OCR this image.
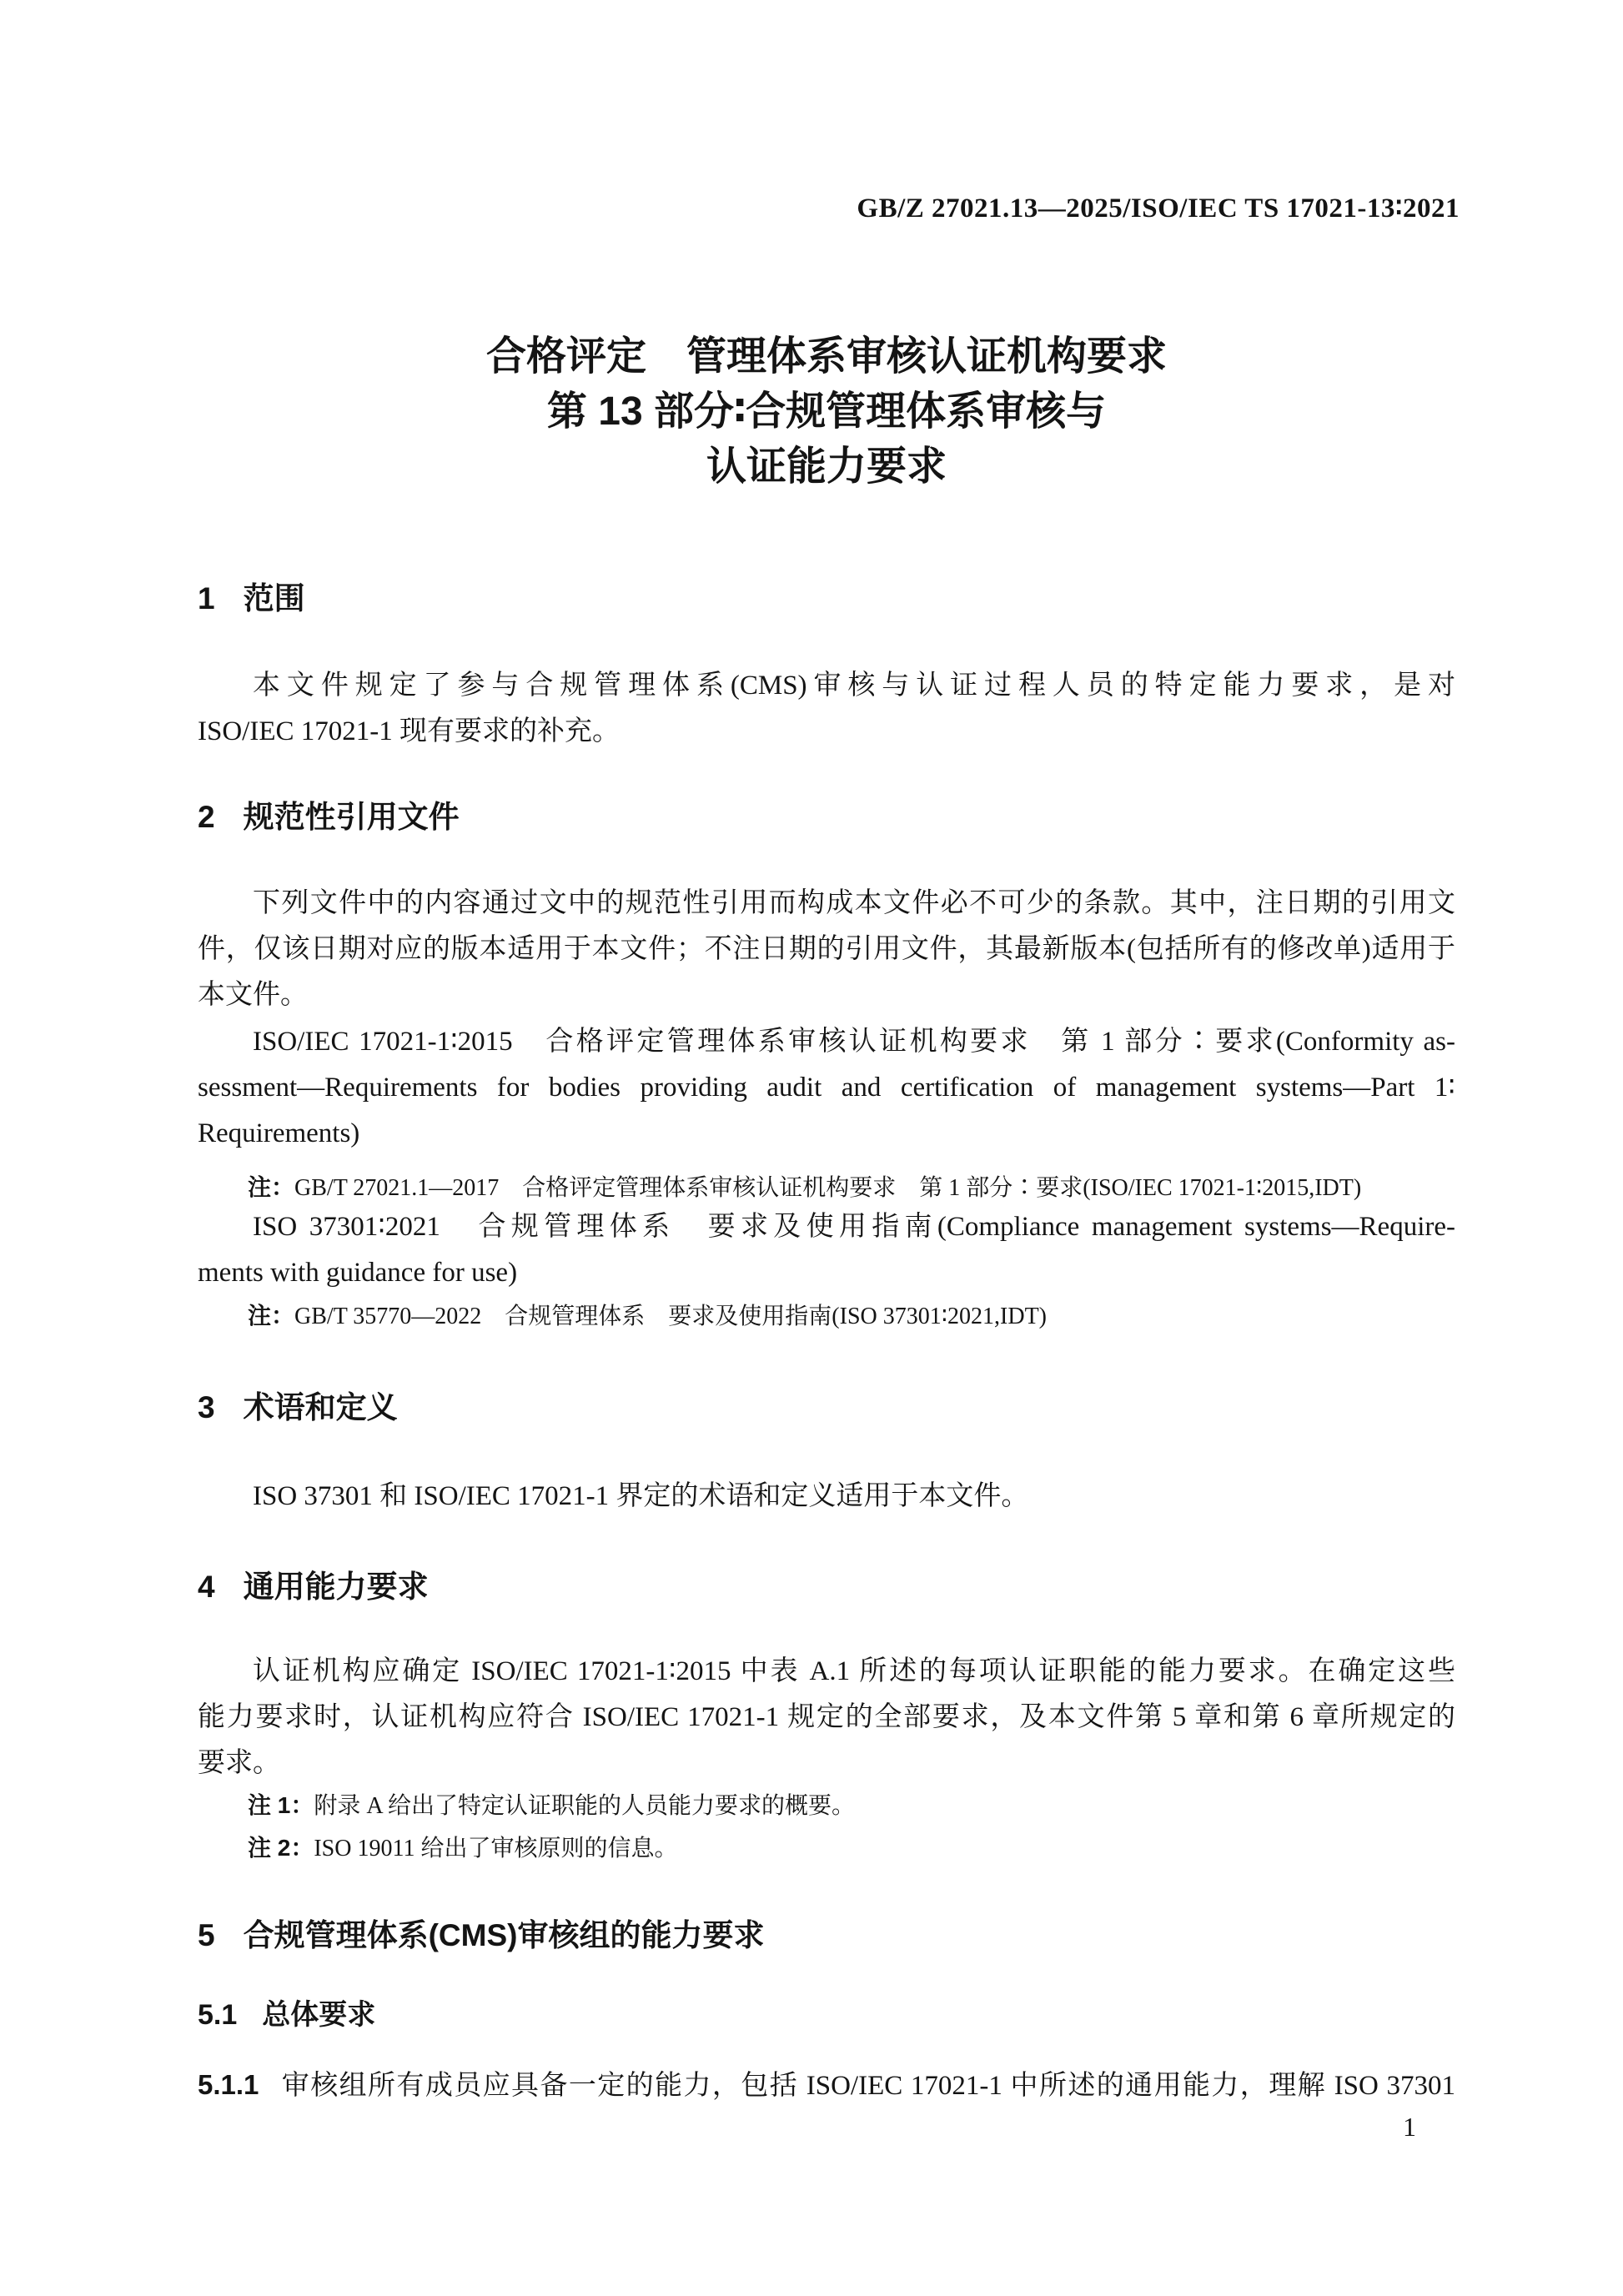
GB/Z 27021.13—2025/ISO/IEC TS 17021-13∶2021
合格评定　管理体系审核认证机构要求
第 13 部分∶合规管理体系审核与
认证能力要求
1 范围
本文件规定了参与合规管理体系(CMS)审核与认证过程人员的特定能力要求，是对
ISO/IEC 17021-1 现有要求的补充。
2 规范性引用文件
下列文件中的内容通过文中的规范性引用而构成本文件必不可少的条款。其中，注日期的引用文
件，仅该日期对应的版本适用于本文件；不注日期的引用文件，其最新版本(包括所有的修改单)适用于
本文件。
ISO/IEC 17021-1∶2015　合格评定管理体系审核认证机构要求　第 1 部分∶要求(Conformity as-
sessment—Requirements for bodies providing audit and certification of management systems—Part 1∶
Requirements)
注：GB/T 27021.1—2017　合格评定管理体系审核认证机构要求　第 1 部分∶要求(ISO/IEC 17021-1∶2015,IDT)
ISO 37301∶2021　合规管理体系　要求及使用指南(Compliance management systems—Require-
ments with guidance for use)
注：GB/T 35770—2022　合规管理体系　要求及使用指南(ISO 37301∶2021,IDT)
3 术语和定义
ISO 37301 和 ISO/IEC 17021-1 界定的术语和定义适用于本文件。
4 通用能力要求
认证机构应确定 ISO/IEC 17021-1∶2015 中表 A.1 所述的每项认证职能的能力要求。在确定这些
能力要求时，认证机构应符合 ISO/IEC 17021-1 规定的全部要求，及本文件第 5 章和第 6 章所规定的
要求。
注 1：附录 A 给出了特定认证职能的人员能力要求的概要。
注 2：ISO 19011 给出了审核原则的信息。
5 合规管理体系(CMS)审核组的能力要求
5.1 总体要求
5.1.1 审核组所有成员应具备一定的能力，包括 ISO/IEC 17021-1 中所述的通用能力，理解 ISO 37301
1
